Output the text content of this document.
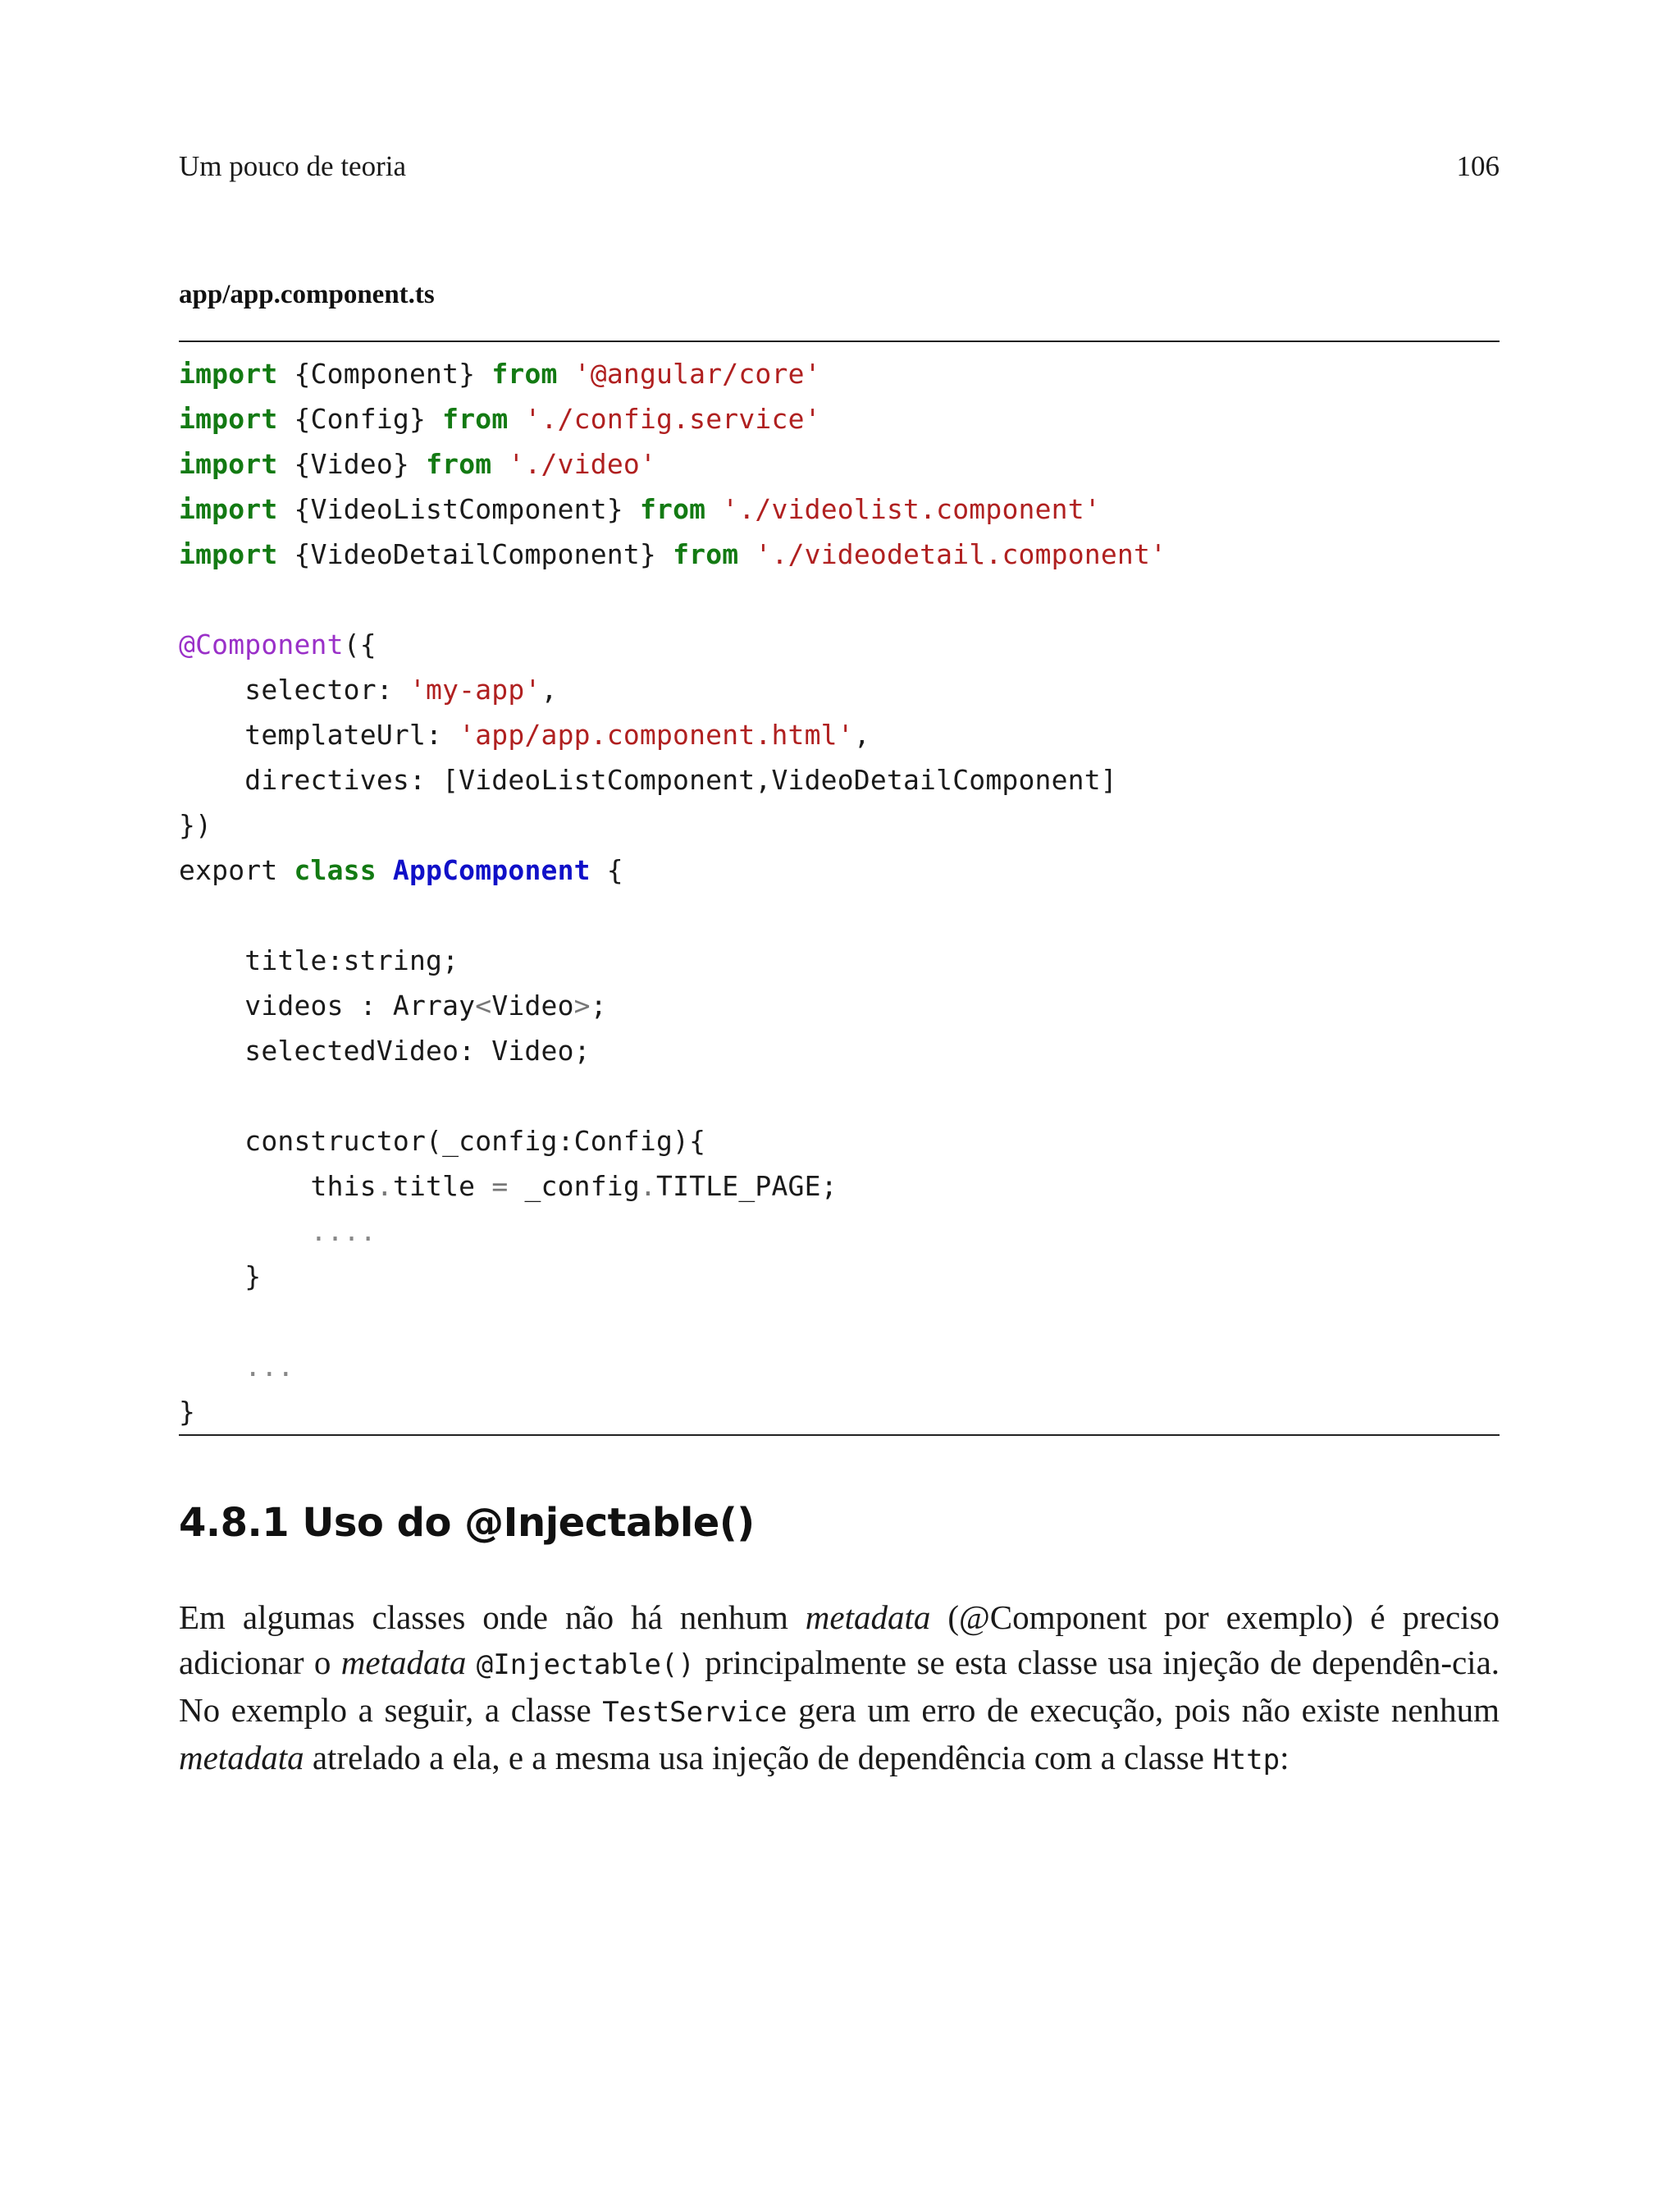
Um pouco de teoria	106
app/app.component.ts
import {Component} from '@angular/core'
import {Config} from './config.service'
import {Video} from './video'
import {VideoListComponent} from './videolist.component'
import {VideoDetailComponent} from './videodetail.component'
@Component({
selector: 'my-app',
templateUrl: 'app/app.component.html',
directives: [VideoListComponent,VideoDetailComponent]
})
export class AppComponent {
title:string;
videos : Array<Video>;
selectedVideo: Video;
constructor(_config:Config){
this.title = _config.TITLE_PAGE;
....
}
...
}
4.8.1 Uso do @Injectable()

Em algumas classes onde não há nenhum metadata (@Component por exemplo) é preciso adicionar o metadata @Injectable() principalmente se esta classe usa injeção de dependên-cia. No exemplo a seguir, a classe TestService gera um erro de execução, pois não existe nenhum metadata atrelado a ela, e a mesma usa injeção de dependência com a classe Http:
